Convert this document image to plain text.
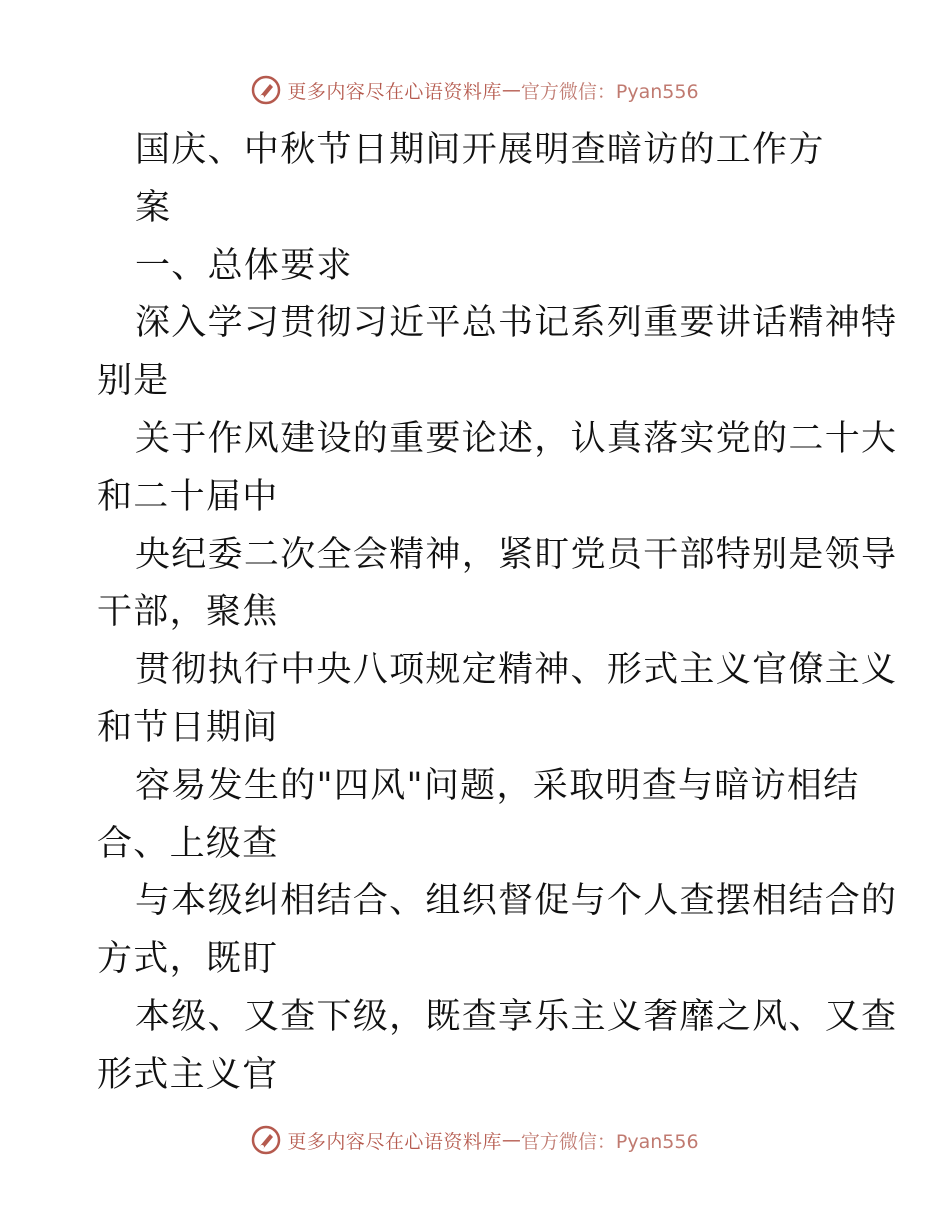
更多内容尽在心语资料库 — 官方微信：Pyan556
国庆、中秋节日期间开展明查暗访的工作方
案
一、总体要求
深入学习贯彻习近平总书记系列重要讲话精神特
别是
关于作风建设的重要论述，认真落实党的二十大
和二十届中
央纪委二次全会精神，紧盯党员干部特别是领导
干部，聚焦
贯彻执行中央八项规定精神、形式主义官僚主义
和节日期间
容易发生的"四风"问题，采取明查与暗访相结
合、上级查
与本级纠相结合、组织督促与个人查摆相结合的
方式，既盯
本级、又查下级，既查享乐主义奢靡之风、又查
形式主义官
更多内容尽在心语资料库 — 官方微信：Pyan556
